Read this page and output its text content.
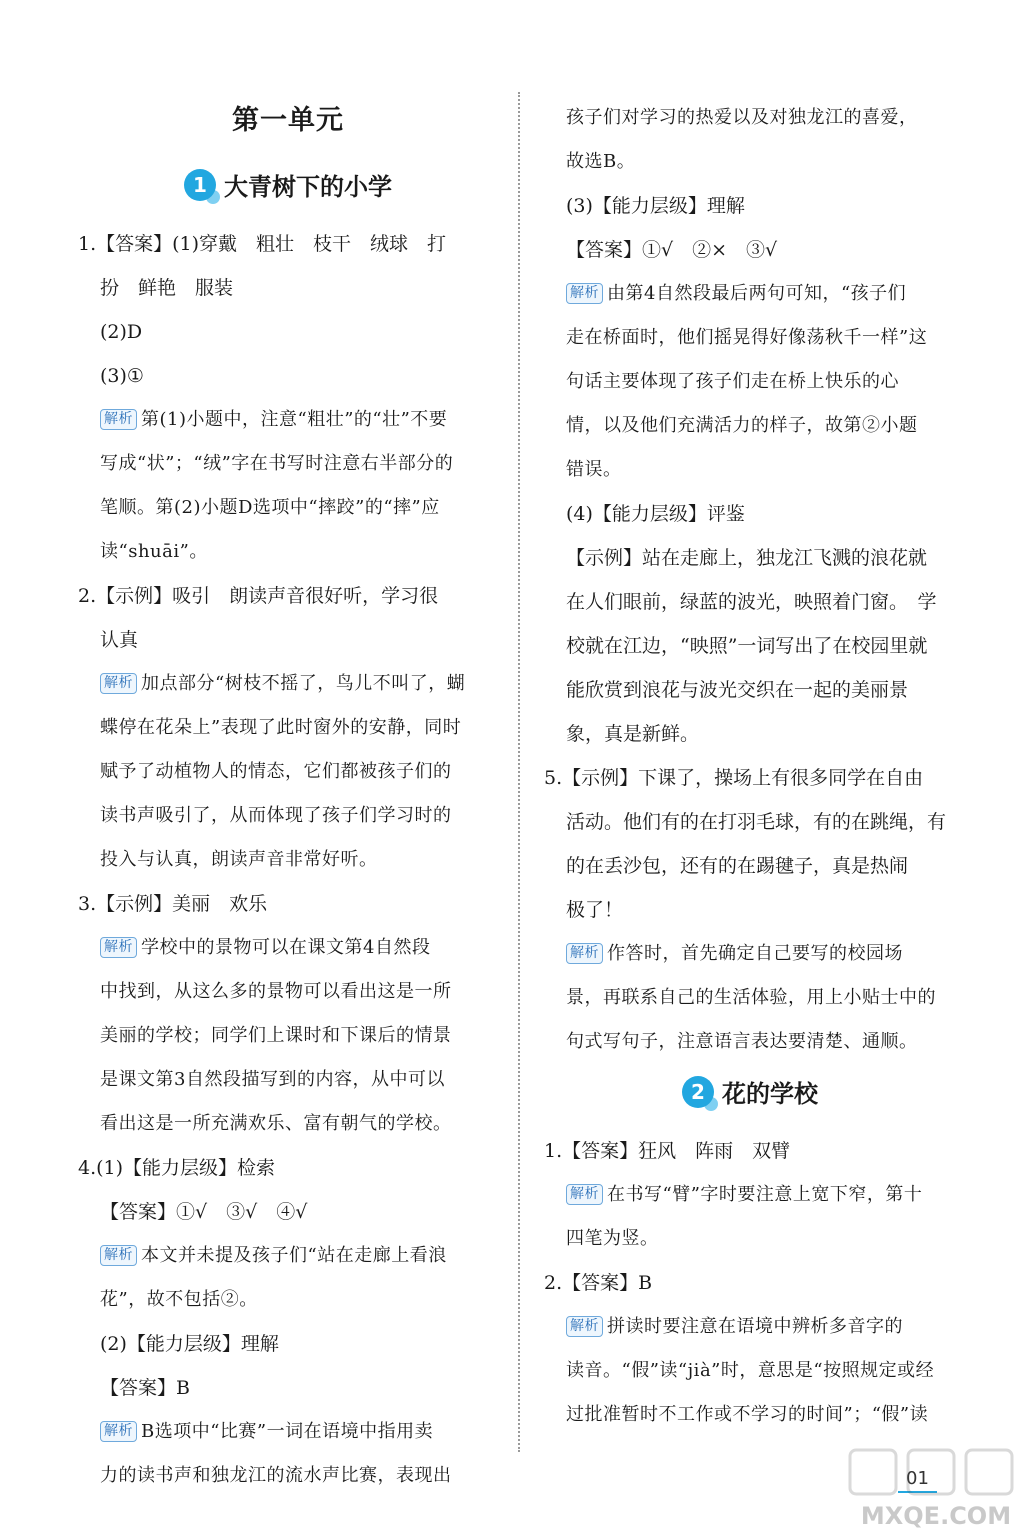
第一单元
1 大青树下的小学
1.【答案】(1)穿戴　粗壮　枝干　绒球　打
扮　鲜艳　服装
(2)D
(3)①
解析 第(1)小题中，注意“粗壮”的“壮”不要
写成“状”；“绒”字在书写时注意右半部分的
笔顺。第(2)小题D选项中“摔跤”的“摔”应
读“shuāi”。
2.【示例】吸引　朗读声音很好听，学习很
认真
解析 加点部分“树枝不摇了，鸟儿不叫了，蝴
蝶停在花朵上”表现了此时窗外的安静，同时
赋予了动植物人的情态，它们都被孩子们的
读书声吸引了，从而体现了孩子们学习时的
投入与认真，朗读声音非常好听。
3.【示例】美丽　欢乐
解析 学校中的景物可以在课文第4自然段
中找到，从这么多的景物可以看出这是一所
美丽的学校；同学们上课时和下课后的情景
是课文第3自然段描写到的内容，从中可以
看出这是一所充满欢乐、富有朝气的学校。
4.(1)【能力层级】检索
【答案】①√　③√　④√
解析 本文并未提及孩子们“站在走廊上看浪
花”，故不包括②。
(2)【能力层级】理解
【答案】B
解析 B选项中“比赛”一词在语境中指用卖
力的读书声和独龙江的流水声比赛，表现出
孩子们对学习的热爱以及对独龙江的喜爱，
故选B。
(3)【能力层级】理解
【答案】①√　②×　③√
解析 由第4自然段最后两句可知，“孩子们
走在桥面时，他们摇晃得好像荡秋千一样”这
句话主要体现了孩子们走在桥上快乐的心
情，以及他们充满活力的样子，故第②小题
错误。
(4)【能力层级】评鉴
【示例】站在走廊上，独龙江飞溅的浪花就
在人们眼前，绿蓝的波光，映照着门窗。　学
校就在江边，“映照”一词写出了在校园里就
能欣赏到浪花与波光交织在一起的美丽景
象，真是新鲜。
5.【示例】下课了，操场上有很多同学在自由
活动。他们有的在打羽毛球，有的在跳绳，有
的在丢沙包，还有的在踢毽子，真是热闹
极了！
解析 作答时，首先确定自己要写的校园场
景，再联系自己的生活体验，用上小贴士中的
句式写句子，注意语言表达要清楚、通顺。
2 花的学校
1.【答案】狂风　阵雨　双臂
解析 在书写“臂”字时要注意上宽下窄，第十
四笔为竖。
2.【答案】B
解析 拼读时要注意在语境中辨析多音字的
读音。“假”读“jià”时，意思是“按照规定或经
过批准暂时不工作或不学习的时间”；“假”读
01
MXQE.COM
